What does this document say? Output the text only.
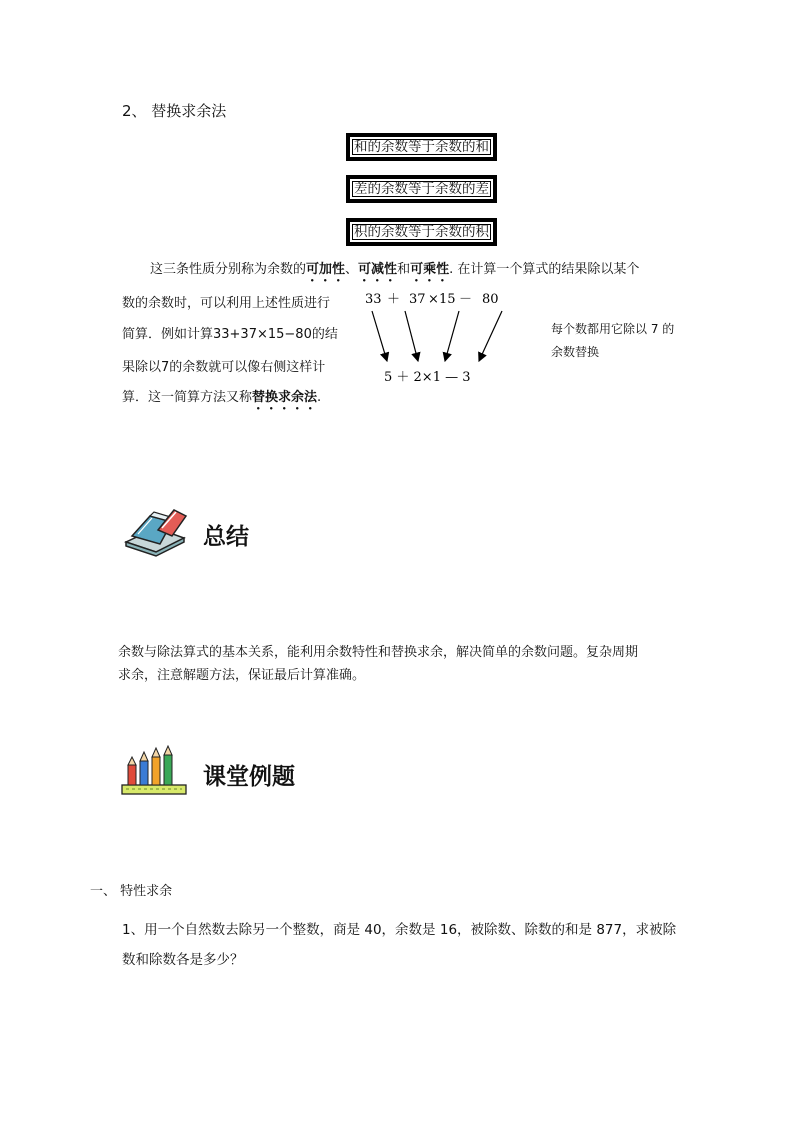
2、 替换求余法
和的余数等于余数的和
差的余数等于余数的差
积的余数等于余数的积
这三条性质分别称为余数的可加性、可减性和可乘性. 在计算一个算式的结果除以某个
数的余数时，可以利用上述性质进行
简算．例如计算33+37×15−80的结
果除以7的余数就可以像右侧这样计
算．这一简算方法又称替换求余法.
33 ＋ 37 × 15 － 80
5 ＋ 2×1 — 3
每个数都用它除以 7 的
余数替换
总结
余数与除法算式的基本关系，能利用余数特性和替换求余，解决简单的余数问题。复杂周期
求余，注意解题方法，保证最后计算准确。
课堂例题
一、 特性求余
1、用一个自然数去除另一个整数，商是 40，余数是 16，被除数、除数的和是 877，求被除
数和除数各是多少？
